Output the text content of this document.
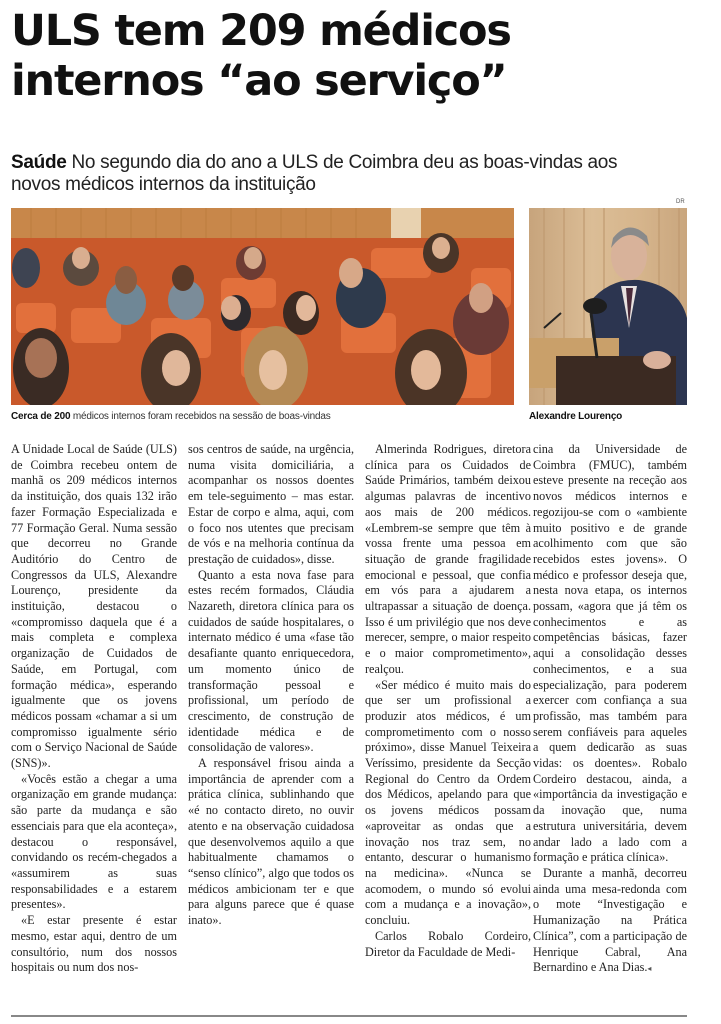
ULS tem 209 médicos
internos “ao serviço”
Saúde No segundo dia do ano a ULS de Coimbra deu as boas-vindas aos novos médicos internos da instituição
DR
Cerca de 200 médicos internos foram recebidos na sessão de boas-vindas	Alexandre Lourenço

A Unidade Local de Saúde (ULS) de Coimbra recebeu ontem de manhã os 209 médicos internos da instituição, dos quais 132 irão fazer Formação Especializada e 77 Formação Geral. Numa sessão que decorreu no Grande Auditório do Centro de Congressos da ULS, Alexandre Lourenço, presidente da instituição, destacou o «compromisso daquela que é a mais completa e complexa organização de Cuidados de Saúde, em Portugal, com formação médica», esperando igualmente que os jovens médicos possam «chamar a si um compromisso igualmente sério com o Serviço Nacional de Saúde (SNS)».

«Vocês estão a chegar a uma organização em grande mudança: são parte da mudança e são essenciais para que ela aconteça», destacou o responsável, convidando os recém-chegados a «assumirem as suas responsabilidades e a estarem presentes».

«E estar presente é estar mesmo, estar aqui, dentro de um consultório, num dos nossos hospitais ou num dos nos-

sos centros de saúde, na urgência, numa visita domiciliária, a acompanhar os nossos doentes em tele-seguimento – mas estar. Estar de corpo e alma, aqui, com o foco nos utentes que precisam de vós e na melhoria contínua da prestação de cuidados», disse.

Quanto a esta nova fase para estes recém formados, Cláudia Nazareth, diretora clínica para os cuidados de saúde hospitalares, o internato médico é uma «fase tão desafiante quanto enriquecedora, um momento único de transformação pessoal e profissional, um período de crescimento, de construção de identidade médica e de consolidação de valores».

A responsável frisou ainda a importância de aprender com a prática clínica, sublinhando que «é no contacto direto, no ouvir atento e na observação cuidadosa que desenvolvemos aquilo a que habitualmente chamamos o “senso clínico”, algo que todos os médicos ambicionam ter e que para alguns parece que é quase inato».

Almerinda Rodrigues, diretora clínica para os Cuidados de Saúde Primários, também deixou algumas palavras de incentivo aos mais de 200 médicos. «Lembrem-se sempre que têm à vossa frente uma pessoa em situação de grande fragilidade emocional e pessoal, que confia em vós para a ajudarem a ultrapassar a situação de doença. Isso é um privilégio que nos deve merecer, sempre, o maior respeito e o maior comprometimento», realçou.

«Ser médico é muito mais do que ser um profissional a produzir atos médicos, é um comprometimento com o nosso próximo», disse Manuel Teixeira Veríssimo, presidente da Secção Regional do Centro da Ordem dos Médicos, apelando para que os jovens médicos possam «aproveitar as ondas que a inovação nos traz sem, no entanto, descurar o humanismo na medicina». «Nunca se acomodem, o mundo só evolui com a mudança e a inovação», concluiu.

Carlos Robalo Cordeiro, Diretor da Faculdade de Medi-

cina da Universidade de Coimbra (FMUC), também esteve presente na receção aos novos médicos internos e regozijou-se com o «ambiente muito positivo e de grande acolhimento com que são recebidos estes jovens». O médico e professor deseja que, nesta nova etapa, os internos possam, «agora que já têm os conhecimentos e as competências básicas, fazer aqui a consolidação desses conhecimentos, e a sua especialização, para poderem exercer com confiança a sua profissão, mas também para serem confiáveis para aqueles a quem dedicarão as suas vidas: os doentes». Robalo Cordeiro destacou, ainda, a «importância da investigação e da inovação que, numa estrutura universitária, devem andar lado a lado com a formação e prática clínica».

Durante a manhã, decorreu ainda uma mesa-redonda com o mote “Investigação e Humanização na Prática Clínica”, com a participação de Henrique Cabral, Ana Bernardino e Ana Dias.◂
